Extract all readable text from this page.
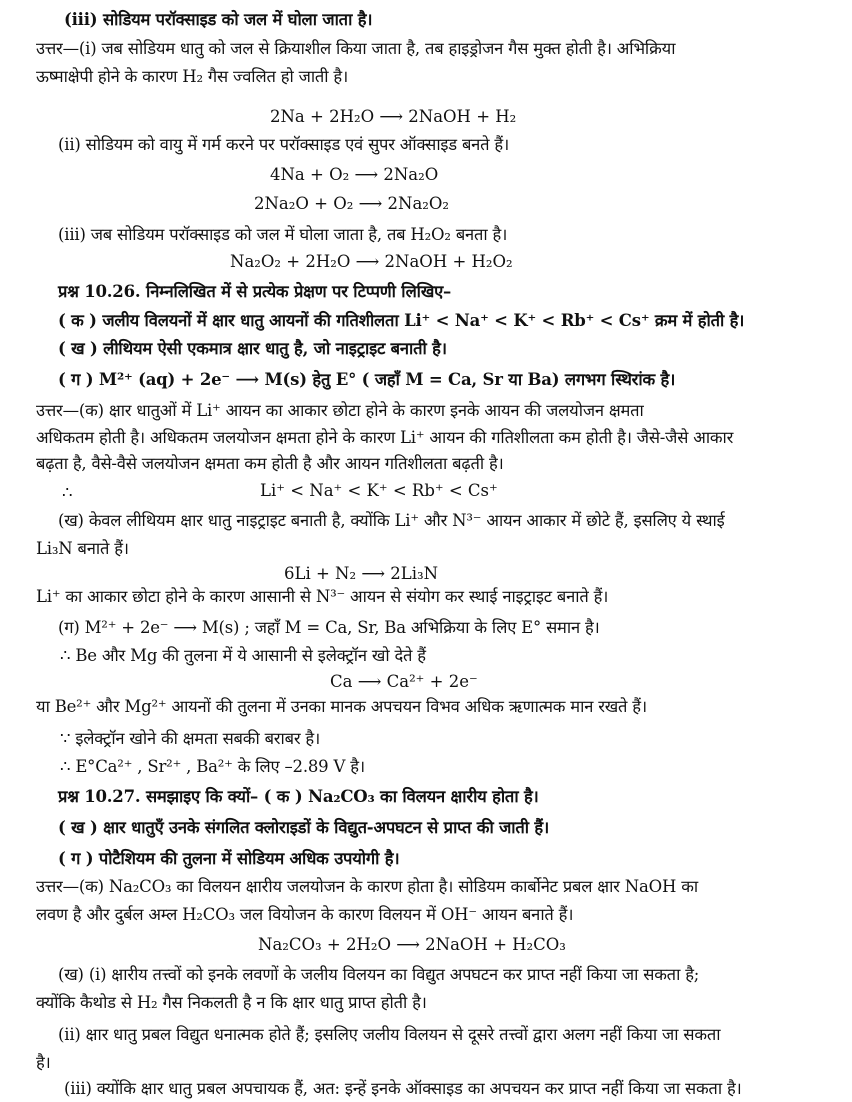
(iii) सोडियम परॉक्साइड को जल में घोला जाता है।
उत्तर—(i) जब सोडियम धातु को जल से क्रियाशील किया जाता है, तब हाइड्रोजन गैस मुक्त होती है। अभिक्रिया
ऊष्माक्षेपी होने के कारण H₂ गैस ज्वलित हो जाती है।
2Na + 2H₂O ⟶ 2NaOH + H₂
(ii) सोडियम को वायु में गर्म करने पर परॉक्साइड एवं सुपर ऑक्साइड बनते हैं।
4Na + O₂ ⟶ 2Na₂O
2Na₂O + O₂ ⟶ 2Na₂O₂
(iii) जब सोडियम परॉक्साइड को जल में घोला जाता है, तब H₂O₂ बनता है।
Na₂O₂ + 2H₂O ⟶ 2NaOH + H₂O₂
प्रश्न 10.26. निम्नलिखित में से प्रत्येक प्रेक्षण पर टिप्पणी लिखिए–
( क ) जलीय विलयनों में क्षार धातु आयनों की गतिशीलता Li⁺ < Na⁺ < K⁺ < Rb⁺ < Cs⁺ क्रम में होती है।
( ख ) लीथियम ऐसी एकमात्र क्षार धातु है, जो नाइट्राइट बनाती है।
( ग ) M²⁺ (aq) + 2e⁻ ⟶ M(s) हेतु E° ( जहाँ M = Ca, Sr या Ba) लगभग स्थिरांक है।
उत्तर—(क) क्षार धातुओं में Li⁺ आयन का आकार छोटा होने के कारण इनके आयन की जलयोजन क्षमता
अधिकतम होती है। अधिकतम जलयोजन क्षमता होने के कारण Li⁺ आयन की गतिशीलता कम होती है। जैसे-जैसे आकार
बढ़ता है, वैसे-वैसे जलयोजन क्षमता कम होती है और आयन गतिशीलता बढ़ती है।
∴	Li⁺ < Na⁺ < K⁺ < Rb⁺ < Cs⁺
(ख) केवल लीथियम क्षार धातु नाइट्राइट बनाती है, क्योंकि Li⁺ और N³⁻ आयन आकार में छोटे हैं, इसलिए ये स्थाई
Li₃N बनाते हैं।
6Li + N₂ ⟶ 2Li₃N
Li⁺ का आकार छोटा होने के कारण आसानी से N³⁻ आयन से संयोग कर स्थाई नाइट्राइट बनाते हैं।
(ग) M²⁺ + 2e⁻ ⟶ M(s) ; जहाँ M = Ca, Sr, Ba अभिक्रिया के लिए E° समान है।
∴ Be और Mg की तुलना में ये आसानी से इलेक्ट्रॉन खो देते हैं
Ca ⟶ Ca²⁺ + 2e⁻
या Be²⁺ और Mg²⁺ आयनों की तुलना में उनका मानक अपचयन विभव अधिक ऋणात्मक मान रखते हैं।
∵ इलेक्ट्रॉन खोने की क्षमता सबकी बराबर है।
∴ E°Ca²⁺ , Sr²⁺ , Ba²⁺ के लिए –2.89 V है।
प्रश्न 10.27. समझाइए कि क्यों– ( क ) Na₂CO₃ का विलयन क्षारीय होता है।
( ख ) क्षार धातुएँ उनके संगलित क्लोराइडों के विद्युत-अपघटन से प्राप्त की जाती हैं।
( ग ) पोटैशियम की तुलना में सोडियम अधिक उपयोगी है।
उत्तर—(क) Na₂CO₃ का विलयन क्षारीय जलयोजन के कारण होता है। सोडियम कार्बोनेट प्रबल क्षार NaOH का
लवण है और दुर्बल अम्ल H₂CO₃ जल वियोजन के कारण विलयन में OH⁻ आयन बनाते हैं।
Na₂CO₃ + 2H₂O ⟶ 2NaOH + H₂CO₃
(ख) (i) क्षारीय तत्त्वों को इनके लवणों के जलीय विलयन का विद्युत अपघटन कर प्राप्त नहीं किया जा सकता है;
क्योंकि कैथोड से H₂ गैस निकलती है न कि क्षार धातु प्राप्त होती है।
(ii) क्षार धातु प्रबल विद्युत धनात्मक होते हैं; इसलिए जलीय विलयन से दूसरे तत्त्वों द्वारा अलग नहीं किया जा सकता
है।
(iii) क्योंकि क्षार धातु प्रबल अपचायक हैं, अत: इन्हें इनके ऑक्साइड का अपचयन कर प्राप्त नहीं किया जा सकता है।
